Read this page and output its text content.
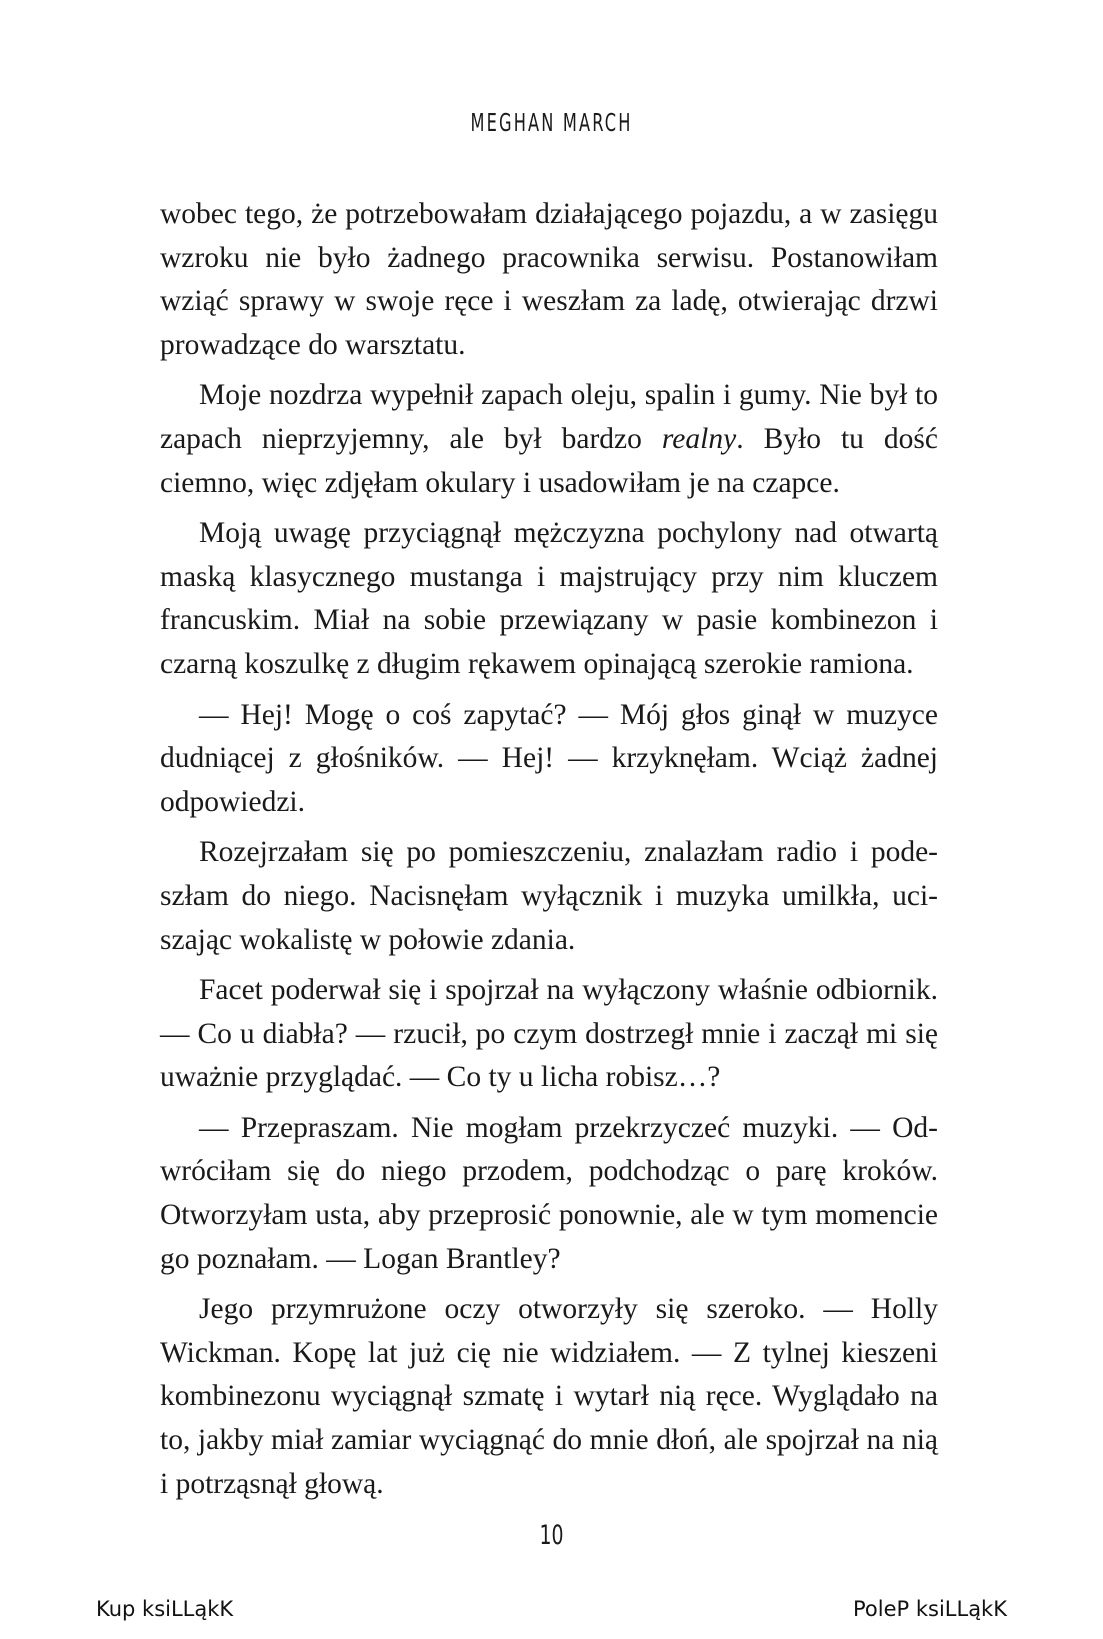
MEGHAN MARCH

wobec tego, że potrzebowałam działającego pojazdu, a w zasięgu wzroku nie było żadnego pracownika serwisu. Postanowiłam wziąć sprawy w swoje ręce i weszłam za ladę, otwierając drzwi prowadzące do warsztatu.

Moje nozdrza wypełnił zapach oleju, spalin i gumy. Nie był to zapach nieprzyjemny, ale był bardzo realny. Było tu dość ciemno, więc zdjęłam okulary i usadowiłam je na czapce.

Moją uwagę przyciągnął mężczyzna pochylony nad otwartą maską klasycznego mustanga i majstrujący przy nim kluczem francuskim. Miał na sobie przewiązany w pasie kombinezon i czarną koszulkę z długim rękawem opinającą szerokie ramiona.

— Hej! Mogę o coś zapytać? — Mój głos ginął w muzyce dudniącej z głośników. — Hej! — krzyknęłam. Wciąż żadnej odpowiedzi.

Rozejrzałam się po pomieszczeniu, znalazłam radio i podeszłam do niego. Nacisnęłam wyłącznik i muzyka umilkła, uciszając wokalistę w połowie zdania.

Facet poderwał się i spojrzał na wyłączony właśnie odbiornik. — Co u diabła? — rzucił, po czym dostrzegł mnie i zaczął mi się uważnie przyglądać. — Co ty u licha robisz…?

— Przepraszam. Nie mogłam przekrzyczeć muzyki. — Odwróciłam się do niego przodem, podchodząc o parę kroków. Otworzyłam usta, aby przeprosić ponownie, ale w tym momencie go poznałam. — Logan Brantley?

Jego przymrużone oczy otworzyły się szeroko. — Holly Wickman. Kopę lat już cię nie widziałem. — Z tylnej kieszeni kombinezonu wyciągnął szmatę i wytarł nią ręce. Wyglądało na to, jakby miał zamiar wyciągnąć do mnie dłoń, ale spojrzał na nią i potrząsnął głową.

10
Kup ksiLLąkK	PoleP ksiLLąkK
